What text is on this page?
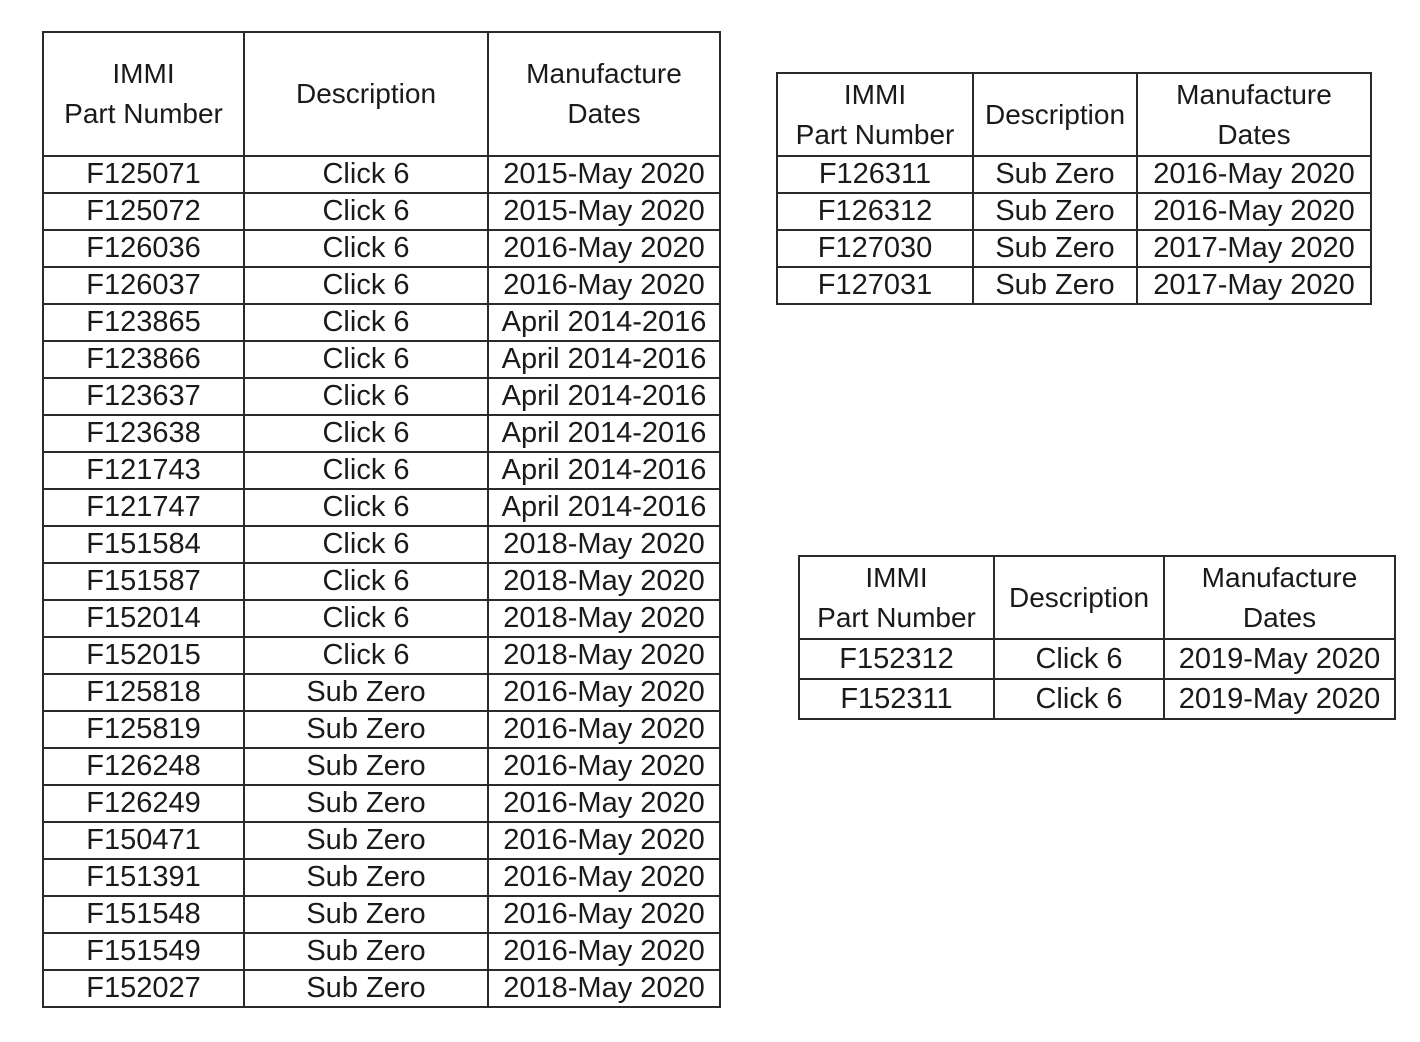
IMMI
Part Number	Description	Manufacture
Dates

F125071	Click 6	2015-May 2020
F125072	Click 6	2015-May 2020
F126036	Click 6	2016-May 2020
F126037	Click 6	2016-May 2020
F123865	Click 6	April 2014-2016
F123866	Click 6	April 2014-2016
F123637	Click 6	April 2014-2016
F123638	Click 6	April 2014-2016
F121743	Click 6	April 2014-2016
F121747	Click 6	April 2014-2016
F151584	Click 6	2018-May 2020
F151587	Click 6	2018-May 2020
F152014	Click 6	2018-May 2020
F152015	Click 6	2018-May 2020
F125818	Sub Zero	2016-May 2020
F125819	Sub Zero	2016-May 2020
F126248	Sub Zero	2016-May 2020
F126249	Sub Zero	2016-May 2020
F150471	Sub Zero	2016-May 2020
F151391	Sub Zero	2016-May 2020
F151548	Sub Zero	2016-May 2020
F151549	Sub Zero	2016-May 2020
F152027	Sub Zero	2018-May 2020
IMMI
Part Number	Description	Manufacture
Dates

F126311	Sub Zero	2016-May 2020
F126312	Sub Zero	2016-May 2020
F127030	Sub Zero	2017-May 2020
F127031	Sub Zero	2017-May 2020
IMMI
Part Number	Description	Manufacture
Dates

F152312	Click 6	2019-May 2020
F152311	Click 6	2019-May 2020
